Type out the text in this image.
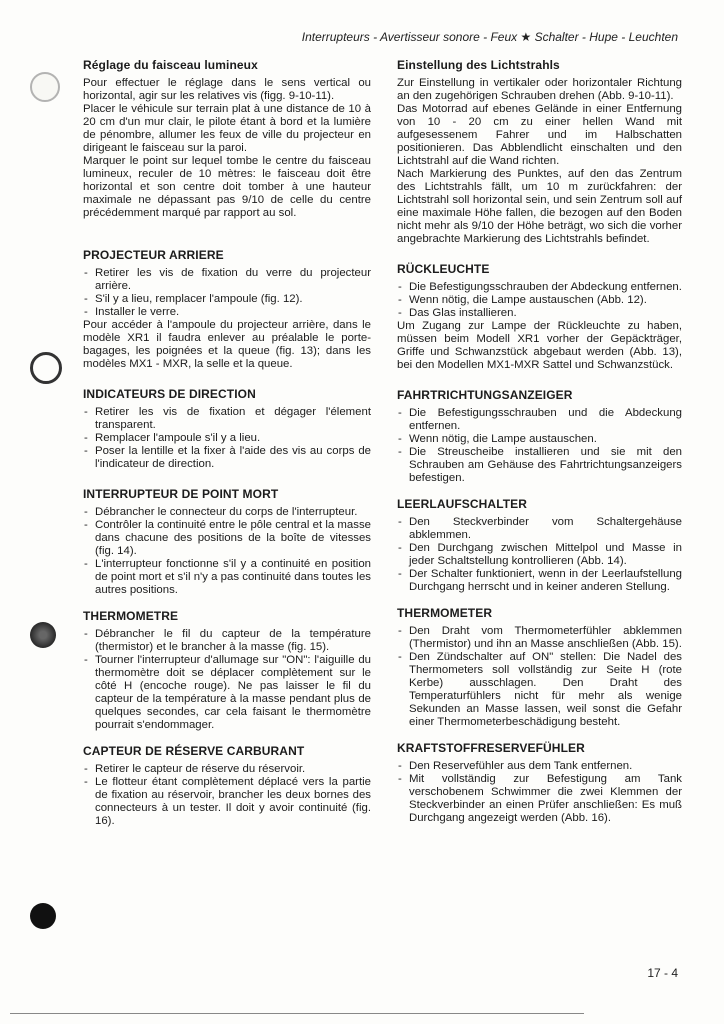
Interrupteurs - Avertisseur sonore - Feux ★ Schalter - Hupe - Leuchten
Réglage du faisceau lumineux

Pour effectuer le réglage dans le sens vertical ou horizontal, agir sur les relatives vis (figg. 9-10-11).

Placer le véhicule sur terrain plat à une distance de 10 à 20 cm d'un mur clair, le pilote étant à bord et la lumière de pénombre, allumer les feux de ville du projecteur en dirigeant le faisceau sur la paroi.

Marquer le point sur lequel tombe le centre du faisceau lumineux, reculer de 10 mètres: le faisceau doit être horizontal et son centre doit tomber à une hauteur maximale ne dépassant pas 9/10 de celle du centre précédemment marqué par rapport au sol.

PROJECTEUR ARRIERE
- Retirer les vis de fixation du verre du projecteur arrière.
- S'il y a lieu, remplacer l'ampoule (fig. 12).
- Installer le verre.

Pour accéder à l'ampoule du projecteur arrière, dans le modèle XR1 il faudra enlever au préalable le porte-bagages, les poignées et la queue (fig. 13); dans les modèles MX1 - MXR, la selle et la queue.

INDICATEURS DE DIRECTION
- Retirer les vis de fixation et dégager l'élement transparent.
- Remplacer l'ampoule s'il y a lieu.
- Poser la lentille et la fixer à l'aide des vis au corps de l'indicateur de direction.
INTERRUPTEUR DE POINT MORT
- Débrancher le connecteur du corps de l'interrupteur.
- Contrôler la continuité entre le pôle central et la masse dans chacune des positions de la boîte de vitesses (fig. 14).
- L'interrupteur fonctionne s'il y a continuité en position de point mort et s'il n'y a pas continuité dans toutes les autres positions.
THERMOMETRE
- Débrancher le fil du capteur de la température (thermistor) et le brancher à la masse (fig. 15).
- Tourner l'interrupteur d'allumage sur "ON": l'aiguille du thermomètre doit se déplacer complètement sur le côté H (encoche rouge). Ne pas laisser le fil du capteur de la température à la masse pendant plus de quelques secondes, car cela faisant le thermomètre pourrait s'endommager.
CAPTEUR DE RÉSERVE CARBURANT
- Retirer le capteur de réserve du réservoir.
- Le flotteur étant complètement déplacé vers la partie de fixation au réservoir, brancher les deux bornes des connecteurs à un tester. Il doit y avoir continuité (fig. 16).
Einstellung des Lichtstrahls

Zur Einstellung in vertikaler oder horizontaler Richtung an den zugehörigen Schrauben drehen (Abb. 9-10-11).

Das Motorrad auf ebenes Gelände in einer Entfernung von 10 - 20 cm zu einer hellen Wand mit aufgesessenem Fahrer und im Halbschatten positionieren. Das Abblendlicht einschalten und den Lichtstrahl auf die Wand richten.

Nach Markierung des Punktes, auf den das Zentrum des Lichtstrahls fällt, um 10 m zurückfahren: der Lichtstrahl soll horizontal sein, und sein Zentrum soll auf eine maximale Höhe fallen, die bezogen auf den Boden nicht mehr als 9/10 der Höhe beträgt, wo sich die vorher angebrachte Markierung des Lichtstrahls befindet.

RÜCKLEUCHTE
- Die Befestigungsschrauben der Abdeckung entfernen.
- Wenn nötig, die Lampe austauschen (Abb. 12).
- Das Glas installieren.

Um Zugang zur Lampe der Rückleuchte zu haben, müssen beim Modell XR1 vorher der Gepäckträger, Griffe und Schwanzstück abgebaut werden (Abb. 13), bei den Modellen MX1-MXR Sattel und Schwanzstück.

FAHRTRICHTUNGSANZEIGER
- Die Befestigungsschrauben und die Abdeckung entfernen.
- Wenn nötig, die Lampe austauschen.
- Die Streuscheibe installieren und sie mit den Schrauben am Gehäuse des Fahrtrichtungsanzeigers befestigen.
LEERLAUFSCHALTER
- Den Steckverbinder vom Schaltergehäuse abklemmen.
- Den Durchgang zwischen Mittelpol und Masse in jeder Schaltstellung kontrollieren (Abb. 14).
- Der Schalter funktioniert, wenn in der Leerlaufstellung Durchgang herrscht und in keiner anderen Stellung.
THERMOMETER
- Den Draht vom Thermometerfühler abklemmen (Thermistor) und ihn an Masse anschließen (Abb. 15).
- Den Zündschalter auf ON" stellen: Die Nadel des Thermometers soll vollständig zur Seite H (rote Kerbe) ausschlagen. Den Draht des Temperaturfühlers nicht für mehr als wenige Sekunden an Masse lassen, weil sonst die Gefahr einer Thermometerbeschädigung besteht.
KRAFTSTOFFRESERVEFÜHLER
- Den Reservefühler aus dem Tank entfernen.
- Mit vollständig zur Befestigung am Tank verschobenem Schwimmer die zwei Klemmen der Steckverbinder an einen Prüfer anschließen: Es muß Durchgang angezeigt werden (Abb. 16).
17 - 4
